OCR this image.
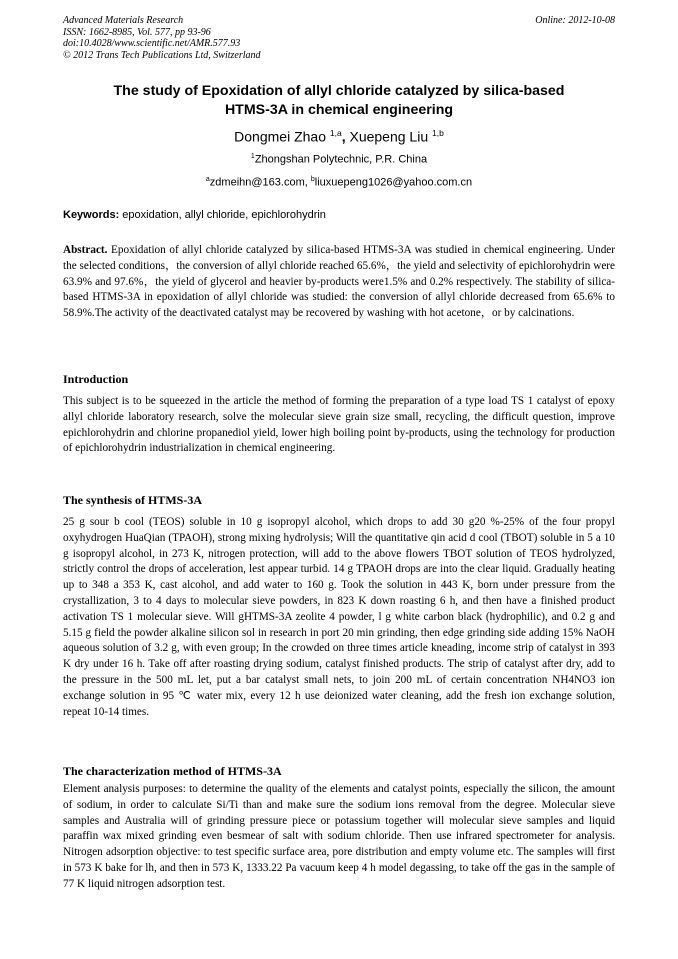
Advanced Materials Research
ISSN: 1662-8985, Vol. 577, pp 93-96
doi:10.4028/www.scientific.net/AMR.577.93
© 2012 Trans Tech Publications Ltd, Switzerland
Online: 2012-10-08
The study of Epoxidation of allyl chloride catalyzed by silica-based
HTMS-3A in chemical engineering
Dongmei Zhao $^{1,a}$, Xuepeng Liu $^{1,b}$
$^1$Zhongshan Polytechnic, P.R. China
$^a$zdmeihn@163.com, $^b$liuxuepeng1026@yahoo.com.cn
Keywords: epoxidation, allyl chloride, epichlorohydrin
Abstract. Epoxidation of allyl chloride catalyzed by silica-based HTMS-3A was studied in chemical engineering. Under the selected conditions，the conversion of allyl chloride reached 65.6%，the yield and selectivity of epichlorohydrin were 63.9% and 97.6%，the yield of glycerol and heavier by-products were1.5% and 0.2% respectively. The stability of silica-based HTMS-3A in epoxidation of allyl chloride was studied: the conversion of allyl chloride decreased from 65.6% to 58.9%.The activity of the deactivated catalyst may be recovered by washing with hot acetone，or by calcinations.
Introduction
This subject is to be squeezed in the article the method of forming the preparation of a type load TS 1 catalyst of epoxy allyl chloride laboratory research, solve the molecular sieve grain size small, recycling, the difficult question, improve epichlorohydrin and chlorine propanediol yield, lower high boiling point by-products, using the technology for production of epichlorohydrin industrialization in chemical engineering.
The synthesis of HTMS-3A
25 g sour b cool (TEOS) soluble in 10 g isopropyl alcohol, which drops to add 30 g20 %-25% of the four propyl oxyhydrogen HuaQian (TPAOH), strong mixing hydrolysis; Will the quantitative qin acid d cool (TBOT) soluble in 5 a 10 g isopropyl alcohol, in 273 K, nitrogen protection, will add to the above flowers TBOT solution of TEOS hydrolyzed, strictly control the drops of acceleration, lest appear turbid. 14 g TPAOH drops are into the clear liquid. Gradually heating up to 348 a 353 K, cast alcohol, and add water to 160 g. Took the solution in 443 K, born under pressure from the crystallization, 3 to 4 days to molecular sieve powders, in 823 K down roasting 6 h, and then have a finished product activation TS 1 molecular sieve. Will gHTMS-3A zeolite 4 powder, l g white carbon black (hydrophilic), and 0.2 g and 5.15 g field the powder alkaline silicon sol in research in port 20 min grinding, then edge grinding side adding 15% NaOH aqueous solution of 3.2 g, with even group; In the crowded on three times article kneading, income strip of catalyst in 393 K dry under 16 h. Take off after roasting drying sodium, catalyst finished products. The strip of catalyst after dry, add to the pressure in the 500 mL let, put a bar catalyst small nets, to join 200 mL of certain concentration NH4NO3 ion exchange solution in 95 ℃ water mix, every 12 h use deionized water cleaning, add the fresh ion exchange solution, repeat 10-14 times.
The characterization method of HTMS-3A
Element analysis purposes: to determine the quality of the elements and catalyst points, especially the silicon, the amount of sodium, in order to calculate Si/Ti than and make sure the sodium ions removal from the degree. Molecular sieve samples and Australia will of grinding pressure piece or potassium together will molecular sieve samples and liquid paraffin wax mixed grinding even besmear of salt with sodium chloride. Then use infrared spectrometer for analysis. Nitrogen adsorption objective: to test specific surface area, pore distribution and empty volume etc. The samples will first in 573 K bake for lh, and then in 573 K, 1333.22 Pa vacuum keep 4 h model degassing, to take off the gas in the sample of 77 K liquid nitrogen adsorption test.
